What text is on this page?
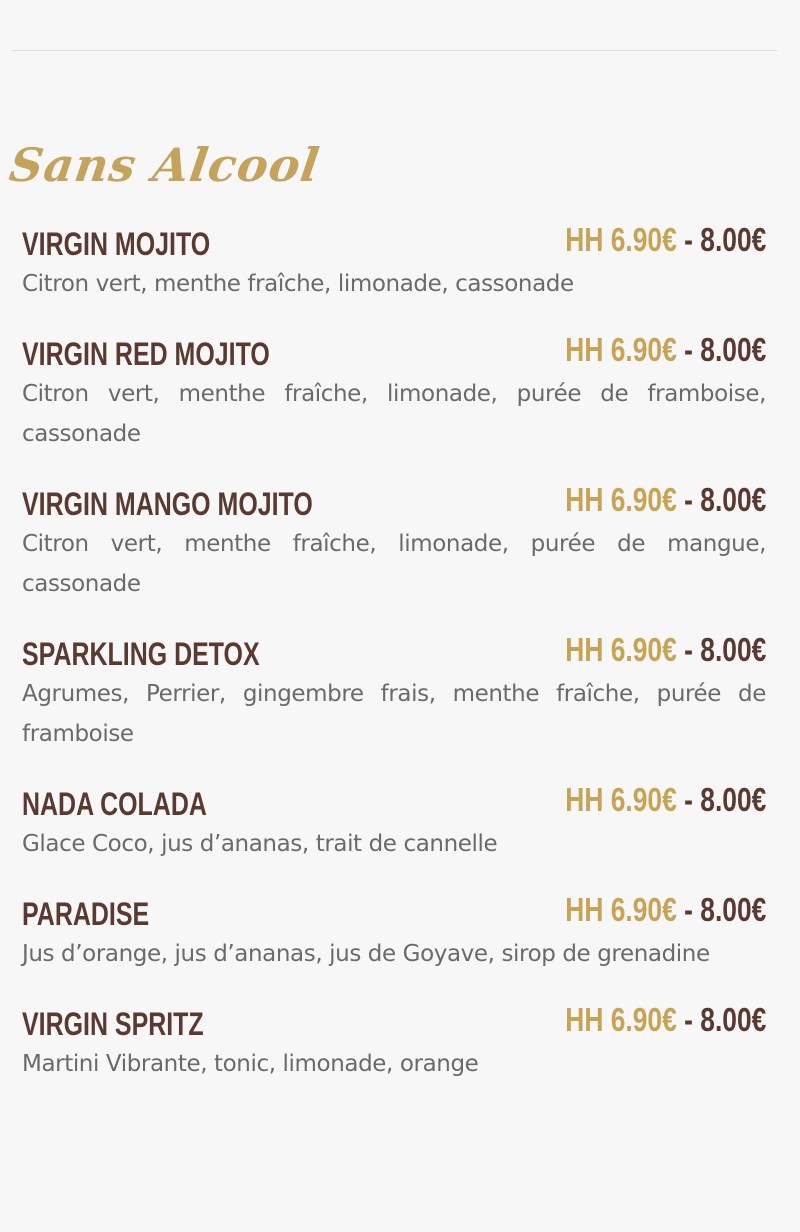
Sans Alcool
VIRGIN MOJITO	HH 6.90€ - 8.00€
Citron vert, menthe fraîche, limonade, cassonade
VIRGIN RED MOJITO	HH 6.90€ - 8.00€
Citron vert, menthe fraîche, limonade, purée de framboise, cassonade
VIRGIN MANGO MOJITO	HH 6.90€ - 8.00€
Citron vert, menthe fraîche, limonade, purée de mangue, cassonade
SPARKLING DETOX	HH 6.90€ - 8.00€
Agrumes, Perrier, gingembre frais, menthe fraîche, purée de framboise
NADA COLADA	HH 6.90€ - 8.00€
Glace Coco, jus d’ananas, trait de cannelle
PARADISE	HH 6.90€ - 8.00€
Jus d’orange, jus d’ananas, jus de Goyave, sirop de grenadine
VIRGIN SPRITZ	HH 6.90€ - 8.00€
Martini Vibrante, tonic, limonade, orange
